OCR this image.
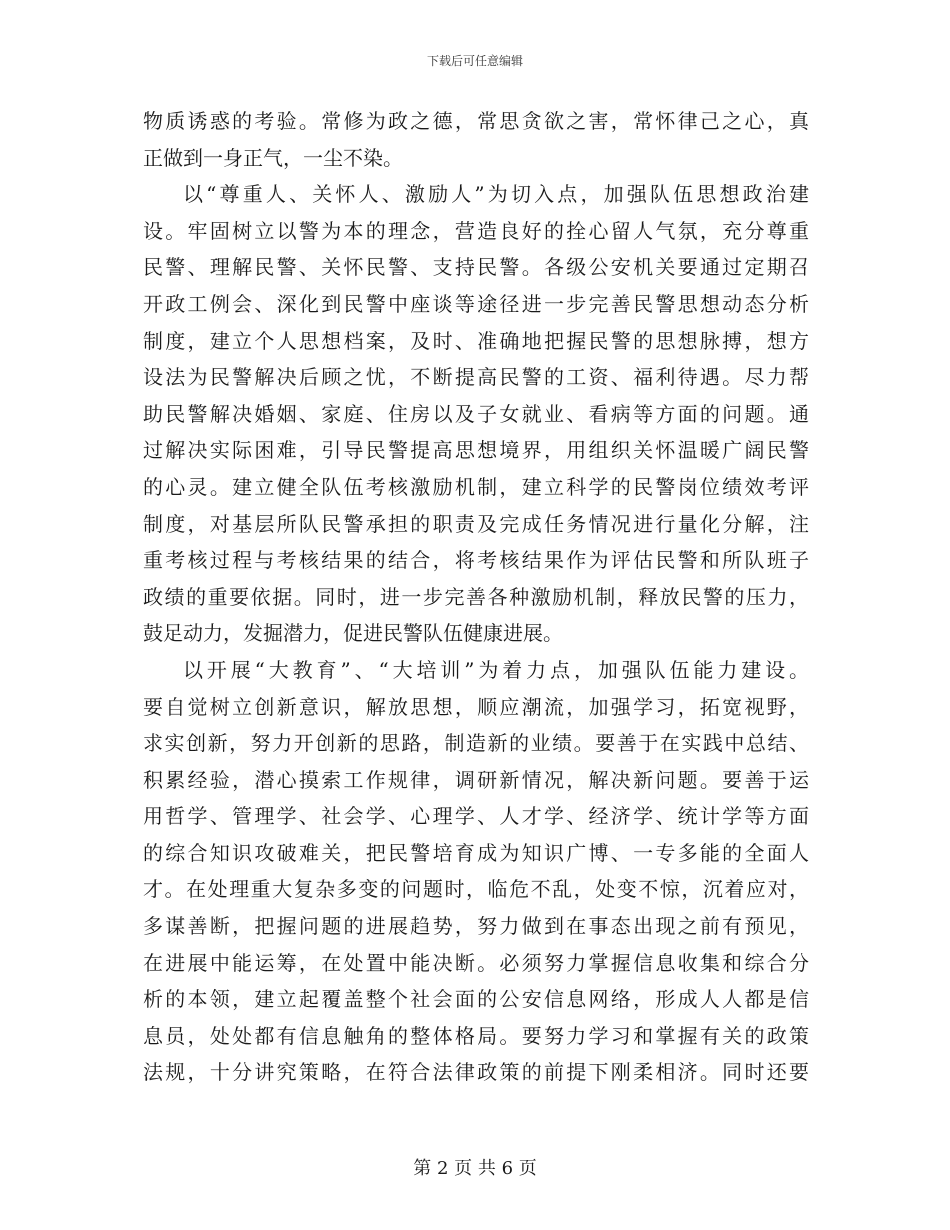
下载后可任意编辑
物质诱惑的考验。常修为政之德，常思贪欲之害，常怀律己之心，真
正做到一身正气，一尘不染。
以“尊重人、关怀人、激励人”为切入点，加强队伍思想政治建
设。牢固树立以警为本的理念，营造良好的拴心留人气氛，充分尊重
民警、理解民警、关怀民警、支持民警。各级公安机关要通过定期召
开政工例会、深化到民警中座谈等途径进一步完善民警思想动态分析
制度，建立个人思想档案，及时、准确地把握民警的思想脉搏，想方
设法为民警解决后顾之忧，不断提高民警的工资、福利待遇。尽力帮
助民警解决婚姻、家庭、住房以及子女就业、看病等方面的问题。通
过解决实际困难，引导民警提高思想境界，用组织关怀温暖广阔民警
的心灵。建立健全队伍考核激励机制，建立科学的民警岗位绩效考评
制度，对基层所队民警承担的职责及完成任务情况进行量化分解，注
重考核过程与考核结果的结合，将考核结果作为评估民警和所队班子
政绩的重要依据。同时，进一步完善各种激励机制，释放民警的压力，
鼓足动力，发掘潜力，促进民警队伍健康进展。
以开展“大教育”、“大培训”为着力点，加强队伍能力建设。
要自觉树立创新意识，解放思想，顺应潮流，加强学习，拓宽视野，
求实创新，努力开创新的思路，制造新的业绩。要善于在实践中总结、
积累经验，潜心摸索工作规律，调研新情况，解决新问题。要善于运
用哲学、管理学、社会学、心理学、人才学、经济学、统计学等方面
的综合知识攻破难关，把民警培育成为知识广博、一专多能的全面人
才。在处理重大复杂多变的问题时，临危不乱，处变不惊，沉着应对，
多谋善断，把握问题的进展趋势，努力做到在事态出现之前有预见，
在进展中能运筹，在处置中能决断。必须努力掌握信息收集和综合分
析的本领，建立起覆盖整个社会面的公安信息网络，形成人人都是信
息员，处处都有信息触角的整体格局。要努力学习和掌握有关的政策
法规，十分讲究策略，在符合法律政策的前提下刚柔相济。同时还要
第 2 页 共 6 页
